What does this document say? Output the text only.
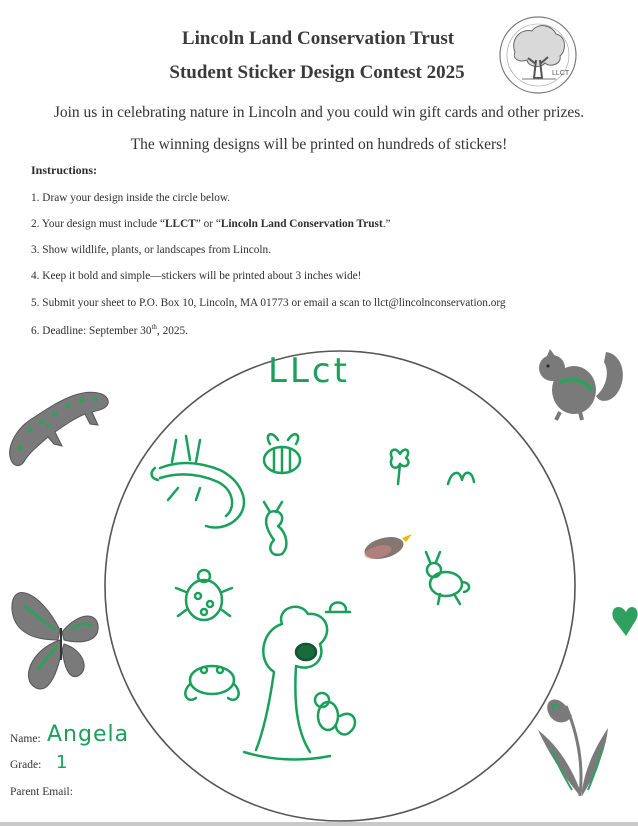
Lincoln Land Conservation Trust
Student Sticker Design Contest 2025	LLCT
LLct
Join us in celebrating nature in Lincoln and you could win gift cards and other prizes.
The winning designs will be printed on hundreds of stickers!
Instructions:
1. Draw your design inside the circle below.
2. Your design must include “LLCT” or “Lincoln Land Conservation Trust.”
3. Show wildlife, plants, or landscapes from Lincoln.
4. Keep it bold and simple—stickers will be printed about 3 inches wide!
5. Submit your sheet to P.O. Box 10, Lincoln, MA 01773 or email a scan to llct@lincolnconservation.org
6. Deadline: September 30th, 2025.
Name: Angela
Grade: 1
Parent Email:
